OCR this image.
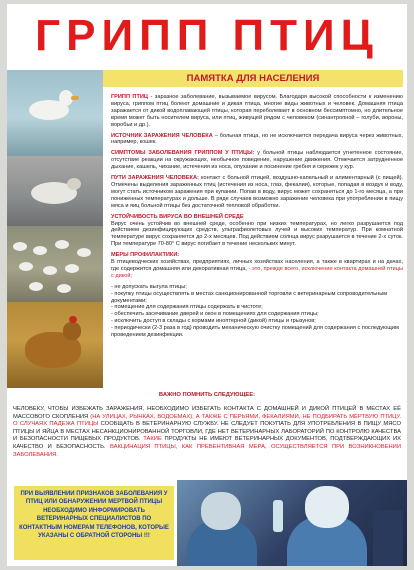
ГРИПП ПТИЦ
ПАМЯТКА ДЛЯ НАСЕЛЕНИЯ

ГРИПП ПТИЦ - заразное заболевание, вызываемое вирусом. Благодаря высокой способности к изменению вируса, гриппом птиц болеют домашние и дикая птица, многие виды животных и человек. Домашняя птица заражается от дикой водоплавающей птицы, которая переболевает в основном бессимптомно, но длительное время может быть носителем вируса, или птиц, живущей рядом с человеком (синантропной – голуби, вороны, воробьи и др.).

ИСТОЧНИК ЗАРАЖЕНИЯ ЧЕЛОВЕКА – больная птица, но не исключается передача вируса через животных, например, кошек.

СИМПТОМЫ ЗАБОЛЕВАНИЯ ГРИППОМ У ПТИЦЫ: у больной птицы наблюдается угнетенное состояние, отсутствие реакции на окружающих, необычное поведение, нарушение движения. Отмечается затрудненное дыхание, кашель, чихание, истечения из носа, опухание и посинение гребня и сережек у кур.

ПУТИ ЗАРАЖЕНИЯ ЧЕЛОВЕКА: контакт с больной птицей, воздушно-капельный и алиментарный (с пищей). Отмечены выделения зараженных птиц (истечения из носа, глаз, фекалии), которые, попадая в воздух и воду, могут стать источником заражения при купании. Попав в воду, вирус может сохраняться до 1-го месяца, а при пониженных температурах и дольше. В ряде случаев возможно заражение человека при употреблении в пищу мяса и яиц больной птицы без достаточной тепловой обработки.

УСТОЙЧИВОСТЬ ВИРУСА ВО ВНЕШНЕЙ СРЕДЕ
Вирус очень устойчив во внешней среде, особенно при низких температурах, но легко разрушается под действием дезинфицирующих средств, ультрафиолетовых лучей и высоких температур. При комнатной температуре вирус сохраняется до 2-х месяцев. Под действием солнца вирус разрушается в течение 2-х суток. При температуре 70-80° С вирус погибает в течение нескольких минут.

МЕРЫ ПРОФИЛАКТИКИ:
В птицеводческих хозяйствах, предприятиях, личных хозяйствах населения, а также в квартирах и на дачах, где содержится домашняя или декоративная птица, - это, прежде всего, исключение контакта домашней птицы с дикой;

- не допускать выгула птицы;
- покупку птицы осуществлять в местах санкционированной торговли с ветеринарным сопроводительным документами;
- помещение для содержания птицы содержать в чистоте;
- обеспечить засечивание дверей и окон в помещениях для содержания птицы;
- исключить доступ в склады с кормами иноптерной (дикой) птицы и грызунов;
- периодически (2-3 раза в год) проводить механическую очистку помещений для содержания с последующим проведением дезинфекции.
ВАЖНО ПОМНИТЬ СЛЕДУЮЩЕЕ:
ЧЕЛОВЕКУ, ЧТОБЫ ИЗБЕЖАТЬ ЗАРАЖЕНИЯ, НЕОБХОДИМО ИЗБЕГАТЬ КОНТАКТА С ДОМАШНЕЙ И ДИКОЙ ПТИЦЕЙ В МЕСТАХ ЕЁ МАССОВОГО СКОПЛЕНИЯ (НА УЛИЦАХ, РЫНКАХ, ВОДОЕМАХ), А ТАКЖЕ С ПЕРЬЯМИ, ФЕКАЛИЯМИ, НЕ ПОДБИРАТЬ МЁРТВУЮ ПТИЦУ. О СЛУЧАЯХ ПАДЕЖА ПТИЦЫ СООБЩАТЬ В ВЕТЕРИНАРНУЮ СЛУЖБУ. НЕ СЛЕДУЕТ ПОКУПАТЬ ДЛЯ УПОТРЕБЛЕНИЯ В ПИЩУ МЯСО ПТИЦЫ И ЯЙЦА В МЕСТАХ НЕСАНКЦИОНИРОВАННОЙ ТОРГОВЛИ, ГДЕ НЕТ ВЕТЕРИНАРНЫХ ЛАБОРАТОРИЙ ПО КОНТРОЛЮ КАЧЕСТВА И БЕЗОПАСНОСТИ ПИЩЕВЫХ ПРОДУКТОВ. ТАКИЕ ПРОДУКТЫ НЕ ИМЕЮТ ВЕТЕРИНАРНЫХ ДОКУМЕНТОВ, ПОДТВЕРЖДАЮЩИХ ИХ КАЧЕСТВО И БЕЗОПАСНОСТЬ. ВАКЦИНАЦИЯ ПТИЦЫ, КАК ПРЕВЕНТИВНАЯ МЕРА, ОСУЩЕСТВЛЯЕТСЯ ПРИ ВОЗНИКНОВЕНИИ ЗАБОЛЕВАНИЯ.
ПРИ ВЫЯВЛЕНИИ ПРИЗНАКОВ ЗАБОЛЕВАНИЯ У ПТИЦ ИЛИ ОБНАРУЖЕНИИ МЕРТВОЙ ПТИЦЫ НЕОБХОДИМО ИНФОРМИРОВАТЬ ВЕТЕРИНАРНЫХ СПЕЦИАЛИСТОВ ПО КОНТАКТНЫМ НОМЕРАМ ТЕЛЕФОНОВ, КОТОРЫЕ УКАЗАНЫ С ОБРАТНОЙ СТОРОНЫ !!!
